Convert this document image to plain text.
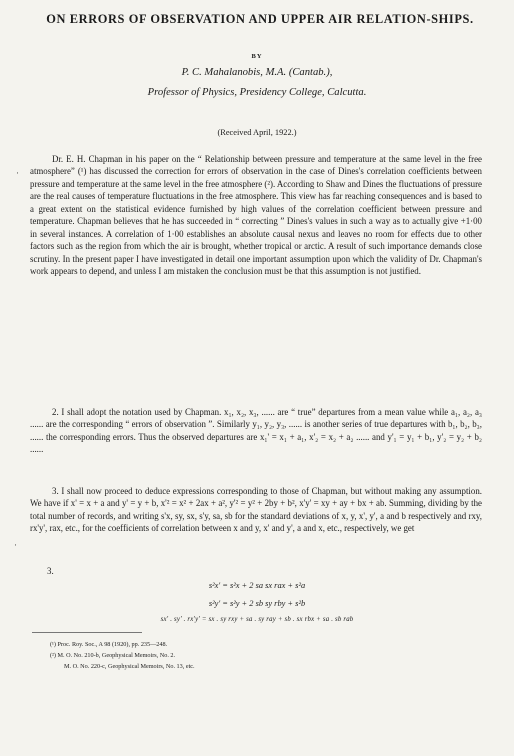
ON ERRORS OF OBSERVATION AND UPPER AIR RELATION-SHIPS.
BY
P. C. Mahalanobis, M.A. (Cantab.),
Professor of Physics, Presidency College, Calcutta.
(Received April, 1922.)
Dr. E. H. Chapman in his paper on the “ Relationship between pressure and temperature at the same level in the free atmosphere” (¹) has discussed the correction for errors of observation in the case of Dines's correlation coefficients between pressure and temperature at the same level in the free atmosphere (²). According to Shaw and Dines the fluctuations of pressure are the real causes of temperature fluctuations in the free atmosphere. This view has far reaching consequences and is based to a great extent on the statistical evidence furnished by high values of the correlation coefficient between pressure and temperature. Chapman believes that he has succeeded in “ correcting ” Dines's values in such a way as to actually give +1·00 in several instances. A correlation of 1·00 establishes an absolute causal nexus and leaves no room for effects due to other factors such as the region from which the air is brought, whether tropical or arctic. A result of such importance demands close scrutiny. In the present paper I have investigated in detail one important assumption upon which the validity of Dr. Chapman's work appears to depend, and unless I am mistaken the conclusion must be that this assumption is not justified.
2. I shall adopt the notation used by Chapman. x₁, x₂, x₃, ...... are “ true” departures from a mean value while a₁, a₂, a₃ ...... are the corresponding “ errors of observation ”. Similarly y₁, y₂, y₃, ...... is another series of true departures with b₁, b₂, b₃, ...... the corresponding errors. Thus the observed departures are x₁' = x₁ + a₁, x'₂ = x₂ + a₂ ...... and y'₁ = y₁ + b₁, y'₂ = y₂ + b₂ ......
3. I shall now proceed to deduce expressions corresponding to those of Chapman, but without making any assumption. We have if x' = x + a and y' = y + b, x'² = x² + 2ax + a², y'² = y² + 2by + b², x'y' = xy + ay + bx + ab. Summing, dividing by the total number of records, and writing s'x, sy, sx, s'y, sa, sb for the standard deviations of x, y, x', y', a and b respectively and rxy, rx'y', rax, etc., for the coefficients of correlation between x and y, x' and y', a and x, etc., respectively, we get
3.
s²x' = s²x + 2 sa sx rax + s²a
s²y' = s²y + 2 sb sy rby + s²b
sx' . sy' . rx'y' = sx . sy rxy + sa . sy ray + sb . sx rbx + sa . sb rab
(¹) Proc. Roy. Soc., A 98 (1920), pp. 235—248.
(²) M. O. No. 210-b, Geophysical Memoirs, No. 2.
M. O. No. 220-c, Geophysical Memoirs, No. 13, etc.
·
·
